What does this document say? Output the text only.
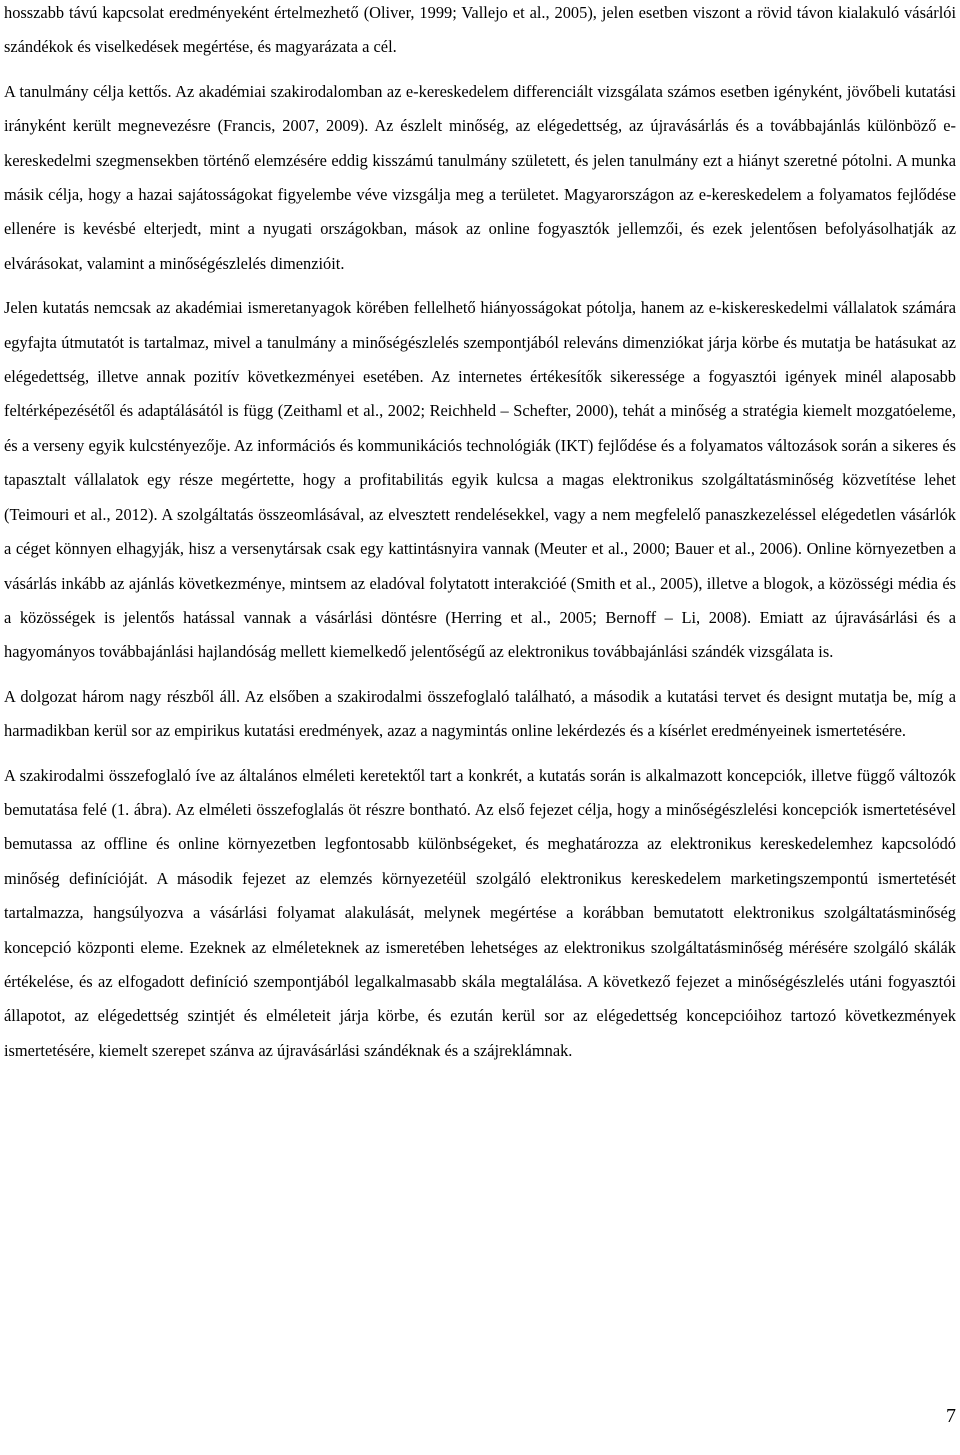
hosszabb távú kapcsolat eredményeként értelmezhető (Oliver, 1999; Vallejo et al., 2005), jelen esetben viszont a rövid távon kialakuló vásárlói szándékok és viselkedések megértése, és magyarázata a cél.

A tanulmány célja kettős. Az akadémiai szakirodalomban az e-kereskedelem differenciált vizsgálata számos esetben igényként, jövőbeli kutatási irányként került megnevezésre (Francis, 2007, 2009). Az észlelt minőség, az elégedettség, az újravásárlás és a továbbajánlás különböző e-kereskedelmi szegmensekben történő elemzésére eddig kisszámú tanulmány született, és jelen tanulmány ezt a hiányt szeretné pótolni. A munka másik célja, hogy a hazai sajátosságokat figyelembe véve vizsgálja meg a területet. Magyarországon az e-kereskedelem a folyamatos fejlődése ellenére is kevésbé elterjedt, mint a nyugati országokban, mások az online fogyasztók jellemzői, és ezek jelentősen befolyásolhatják az elvárásokat, valamint a minőségészlelés dimenzióit.

Jelen kutatás nemcsak az akadémiai ismeretanyagok körében fellelhető hiányosságokat pótolja, hanem az e-kiskereskedelmi vállalatok számára egyfajta útmutatót is tartalmaz, mivel a tanulmány a minőségészlelés szempontjából releváns dimenziókat járja körbe és mutatja be hatásukat az elégedettség, illetve annak pozitív következményei esetében. Az internetes értékesítők sikeressége a fogyasztói igények minél alaposabb feltérképezésétől és adaptálásától is függ (Zeithaml et al., 2002; Reichheld – Schefter, 2000), tehát a minőség a stratégia kiemelt mozgatóeleme, és a verseny egyik kulcstényezője. Az információs és kommunikációs technológiák (IKT) fejlődése és a folyamatos változások során a sikeres és tapasztalt vállalatok egy része megértette, hogy a profitabilitás egyik kulcsa a magas elektronikus szolgáltatásminőség közvetítése lehet (Teimouri et al., 2012). A szolgáltatás összeomlásával, az elvesztett rendelésekkel, vagy a nem megfelelő panaszkezeléssel elégedetlen vásárlók a céget könnyen elhagyják, hisz a versenytársak csak egy kattintásnyira vannak (Meuter et al., 2000; Bauer et al., 2006). Online környezetben a vásárlás inkább az ajánlás következménye, mintsem az eladóval folytatott interakcióé (Smith et al., 2005), illetve a blogok, a közösségi média és a közösségek is jelentős hatással vannak a vásárlási döntésre (Herring et al., 2005; Bernoff – Li, 2008). Emiatt az újravásárlási és a hagyományos továbbajánlási hajlandóság mellett kiemelkedő jelentőségű az elektronikus továbbajánlási szándék vizsgálata is.

A dolgozat három nagy részből áll. Az elsőben a szakirodalmi összefoglaló található, a második a kutatási tervet és designt mutatja be, míg a harmadikban kerül sor az empirikus kutatási eredmények, azaz a nagymintás online lekérdezés és a kísérlet eredményeinek ismertetésére.

A szakirodalmi összefoglaló íve az általános elméleti keretektől tart a konkrét, a kutatás során is alkalmazott koncepciók, illetve függő változók bemutatása felé (1. ábra). Az elméleti összefoglalás öt részre bontható. Az első fejezet célja, hogy a minőségészlelési koncepciók ismertetésével bemutassa az offline és online környezetben legfontosabb különbségeket, és meghatározza az elektronikus kereskedelemhez kapcsolódó minőség definícióját. A második fejezet az elemzés környezetéül szolgáló elektronikus kereskedelem marketingszempontú ismertetését tartalmazza, hangsúlyozva a vásárlási folyamat alakulását, melynek megértése a korábban bemutatott elektronikus szolgáltatásminőség koncepció központi eleme. Ezeknek az elméleteknek az ismeretében lehetséges az elektronikus szolgáltatásminőség mérésére szolgáló skálák értékelése, és az elfogadott definíció szempontjából legalkalmasabb skála megtalálása. A következő fejezet a minőségészlelés utáni fogyasztói állapotot, az elégedettség szintjét és elméleteit járja körbe, és ezután kerül sor az elégedettség koncepcióihoz tartozó következmények ismertetésére, kiemelt szerepet szánva az újravásárlási szándéknak és a szájreklámnak.

7
